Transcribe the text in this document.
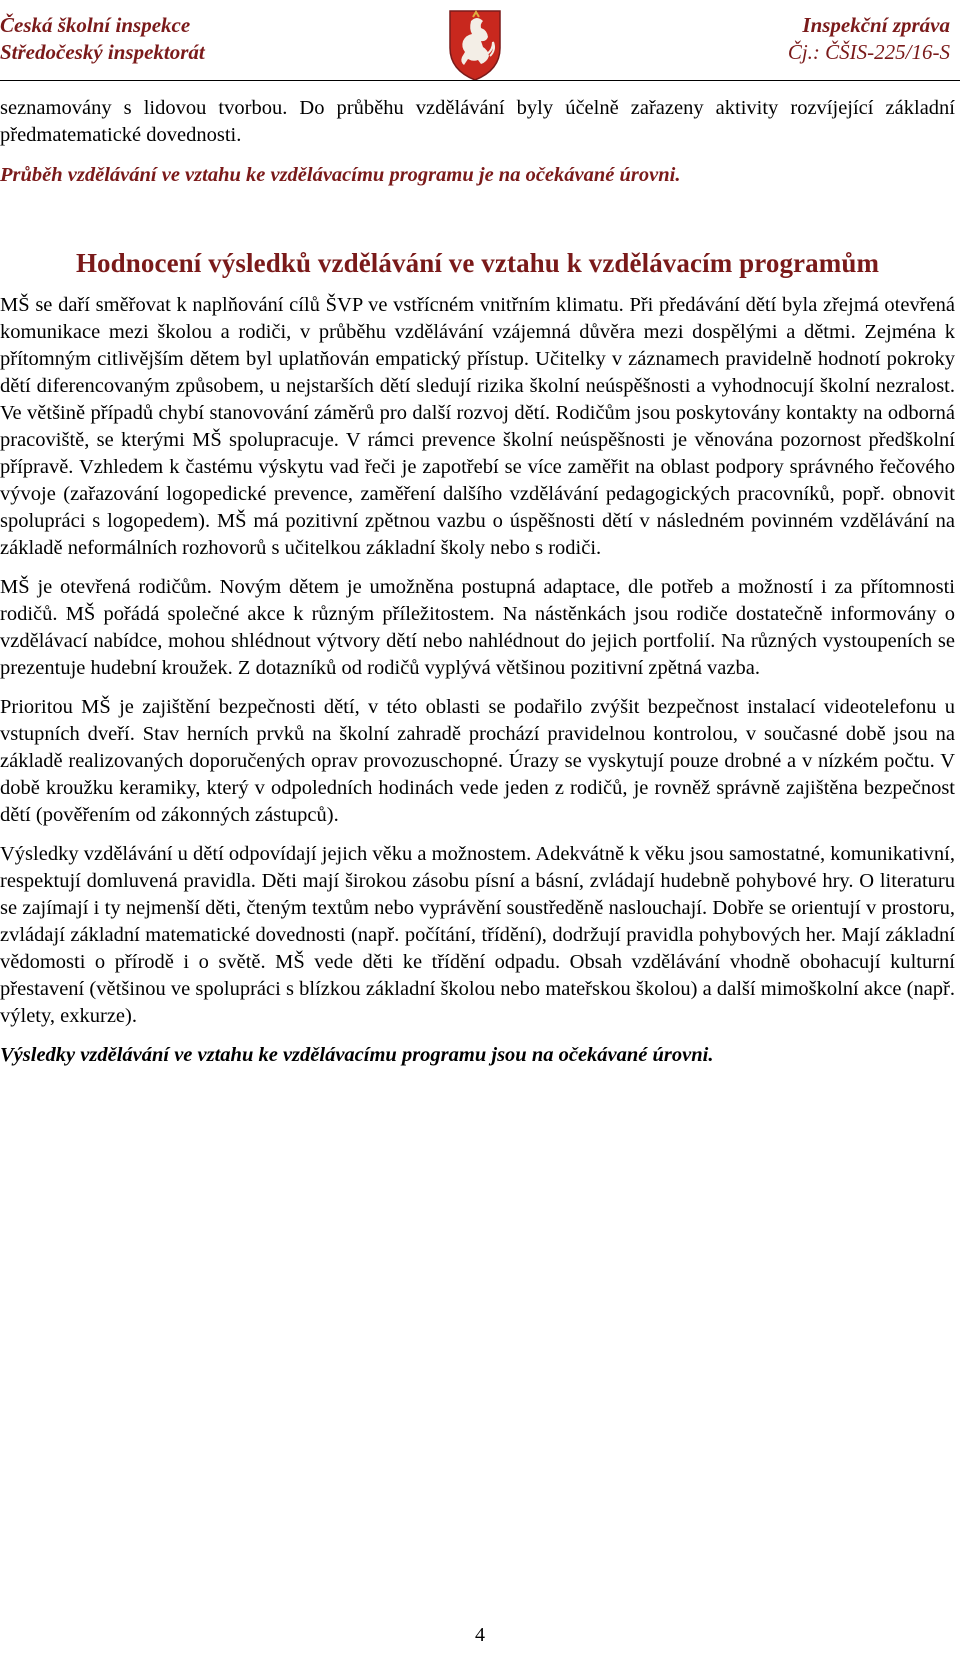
Česká školní inspekce
Středočeský inspektorát
Inspekční zpráva
Čj.: ČŠIS-225/16-S

seznamovány s lidovou tvorbou. Do průběhu vzdělávání byly účelně zařazeny aktivity rozvíjející základní předmatematické dovednosti.

Průběh vzdělávání ve vztahu ke vzdělávacímu programu je na očekávané úrovni.

Hodnocení výsledků vzdělávání ve vztahu k vzdělávacím programům

MŠ se daří směřovat k naplňování cílů ŠVP ve vstřícném vnitřním klimatu. Při předávání dětí byla zřejmá otevřená komunikace mezi školou a rodiči, v průběhu vzdělávání vzájemná důvěra mezi dospělými a dětmi. Zejména k přítomným citlivějším dětem byl uplatňován empatický přístup. Učitelky v záznamech pravidelně hodnotí pokroky dětí diferencovaným způsobem, u nejstarších dětí sledují rizika školní neúspěšnosti a vyhodnocují školní nezralost. Ve většině případů chybí stanovování záměrů pro další rozvoj dětí. Rodičům jsou poskytovány kontakty na odborná pracoviště, se kterými MŠ spolupracuje. V rámci prevence školní neúspěšnosti je věnována pozornost předškolní přípravě. Vzhledem k častému výskytu vad řeči je zapotřebí se více zaměřit na oblast podpory správného řečového vývoje (zařazování logopedické prevence, zaměření dalšího vzdělávání pedagogických pracovníků, popř. obnovit spolupráci s logopedem). MŠ má pozitivní zpětnou vazbu o úspěšnosti dětí v následném povinném vzdělávání na základě neformálních rozhovorů s učitelkou základní školy nebo s rodiči.

MŠ je otevřená rodičům. Novým dětem je umožněna postupná adaptace, dle potřeb a možností i za přítomnosti rodičů. MŠ pořádá společné akce k různým příležitostem. Na nástěnkách jsou rodiče dostatečně informovány o vzdělávací nabídce, mohou shlédnout výtvory dětí nebo nahlédnout do jejich portfolií. Na různých vystoupeních se prezentuje hudební kroužek. Z dotazníků od rodičů vyplývá většinou pozitivní zpětná vazba.

Prioritou MŠ je zajištění bezpečnosti dětí, v této oblasti se podařilo zvýšit bezpečnost instalací videotelefonu u vstupních dveří. Stav herních prvků na školní zahradě prochází pravidelnou kontrolou, v současné době jsou na základě realizovaných doporučených oprav provozuschopné. Úrazy se vyskytují pouze drobné a v nízkém počtu. V době kroužku keramiky, který v odpoledních hodinách vede jeden z rodičů, je rovněž správně zajištěna bezpečnost dětí (pověřením od zákonných zástupců).

Výsledky vzdělávání u dětí odpovídají jejich věku a možnostem. Adekvátně k věku jsou samostatné, komunikativní, respektují domluvená pravidla. Děti mají širokou zásobu písní a básní, zvládají hudebně pohybové hry. O literaturu se zajímají i ty nejmenší děti, čteným textům nebo vyprávění soustředěně naslouchají. Dobře se orientují v prostoru, zvládají základní matematické dovednosti (např. počítání, třídění), dodržují pravidla pohybových her. Mají základní vědomosti o přírodě i o světě. MŠ vede děti ke třídění odpadu. Obsah vzdělávání vhodně obohacují kulturní přestavení (většinou ve spolupráci s blízkou základní školou nebo mateřskou školou) a další mimoškolní akce (např. výlety, exkurze).

Výsledky vzdělávání ve vztahu ke vzdělávacímu programu jsou na očekávané úrovni.

4
